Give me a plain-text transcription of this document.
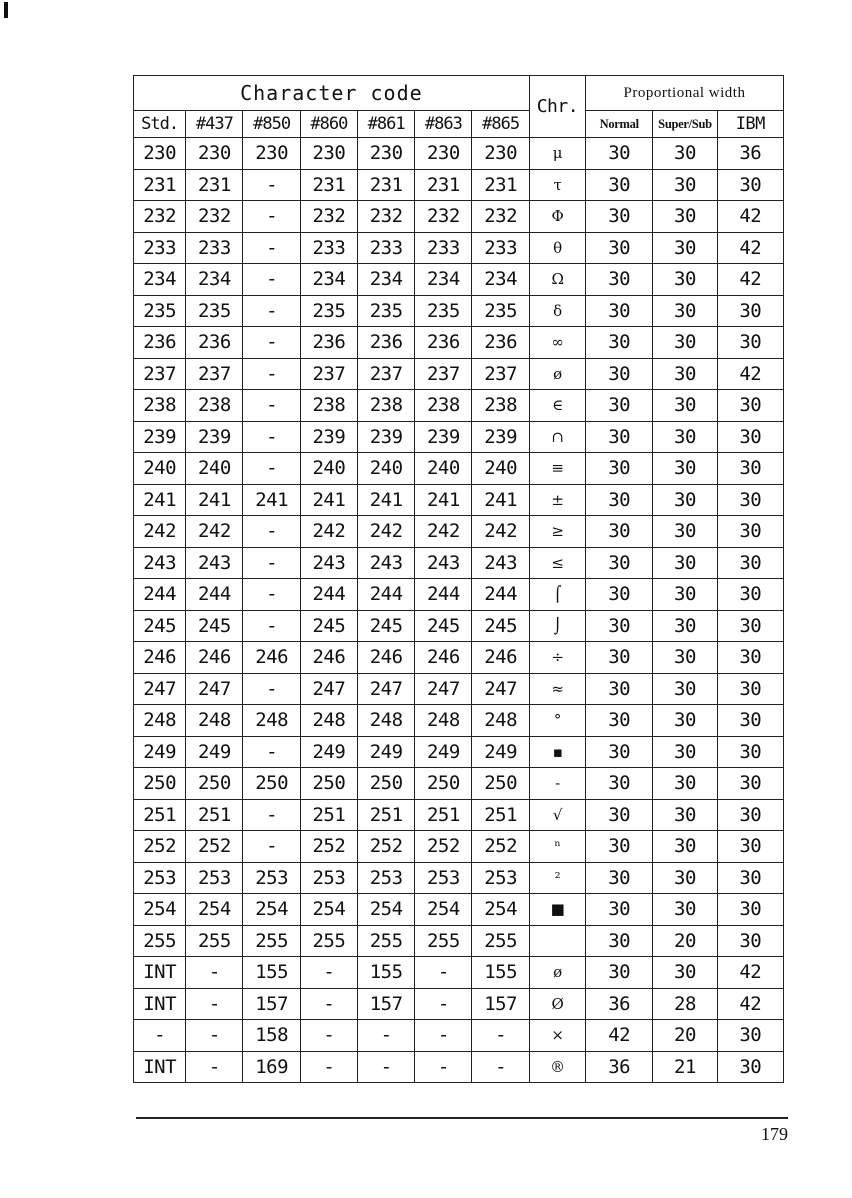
Character code							Chr.	Proportional width		
Std.	#437	#850	#860	#861	#863	#865		Normal	Super/Sub	IBM
230	230	230	230	230	230	230	μ	30	30	36
231	231	-	231	231	231	231	τ	30	30	30
232	232	-	232	232	232	232	Φ	30	30	42
233	233	-	233	233	233	233	θ	30	30	42
234	234	-	234	234	234	234	Ω	30	30	42
235	235	-	235	235	235	235	δ	30	30	30
236	236	-	236	236	236	236	∞	30	30	30
237	237	-	237	237	237	237	ø	30	30	42
238	238	-	238	238	238	238	∈	30	30	30
239	239	-	239	239	239	239	∩	30	30	30
240	240	-	240	240	240	240	≡	30	30	30
241	241	241	241	241	241	241	±	30	30	30
242	242	-	242	242	242	242	≥	30	30	30
243	243	-	243	243	243	243	≤	30	30	30
244	244	-	244	244	244	244	⌠	30	30	30
245	245	-	245	245	245	245	⌡	30	30	30
246	246	246	246	246	246	246	÷	30	30	30
247	247	-	247	247	247	247	≈	30	30	30
248	248	248	248	248	248	248	°	30	30	30
249	249	-	249	249	249	249	▪	30	30	30
250	250	250	250	250	250	250	-	30	30	30
251	251	-	251	251	251	251	√	30	30	30
252	252	-	252	252	252	252	ⁿ	30	30	30
253	253	253	253	253	253	253	²	30	30	30
254	254	254	254	254	254	254	■	30	30	30
255	255	255	255	255	255	255		30	20	30
INT	-	155	-	155	-	155	ø	30	30	42
INT	-	157	-	157	-	157	Ø	36	28	42
-	-	158	-	-	-	-	×	42	20	30
INT	-	169	-	-	-	-	®	36	21	30
179
